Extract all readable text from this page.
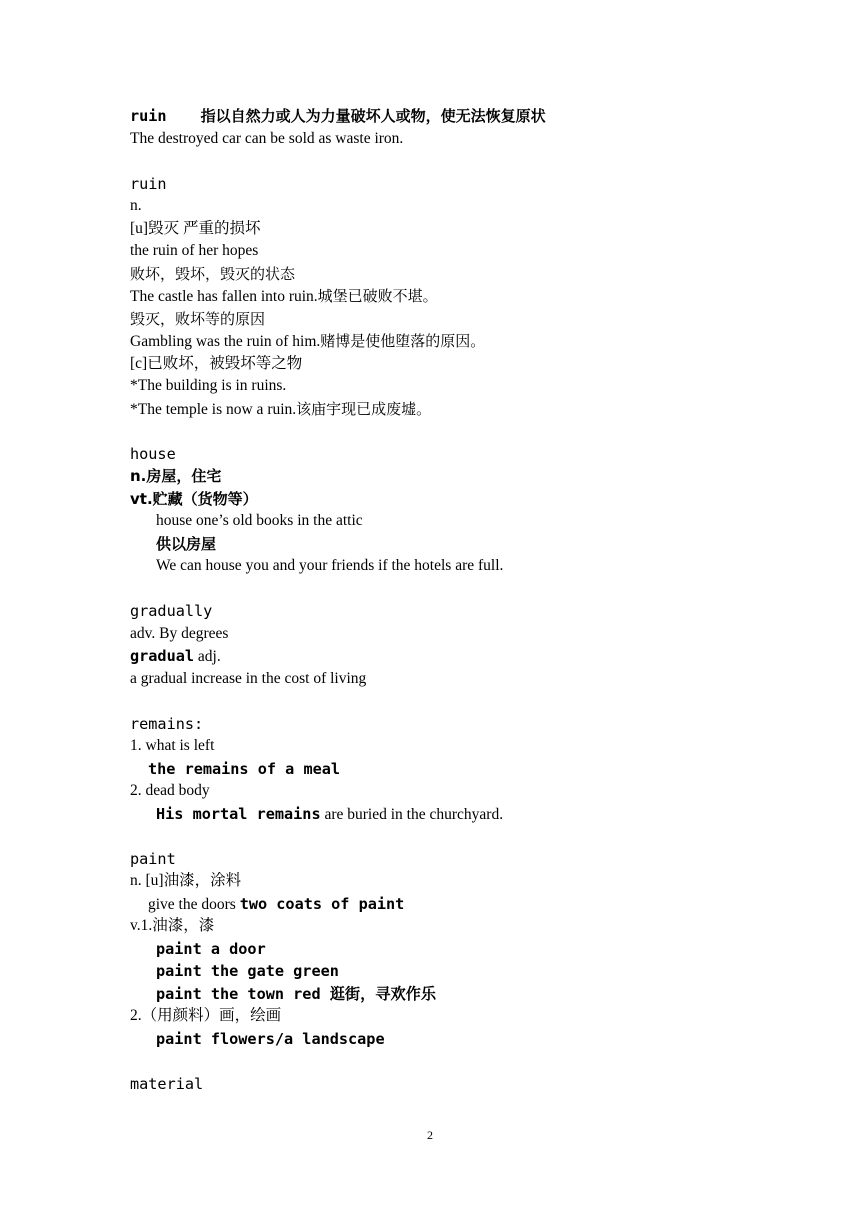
ruin 指以自然力或人为力量破坏人或物，使无法恢复原状
The destroyed car can be sold as waste iron.
ruin
n.
[u]毁灭 严重的损坏
the ruin of her hopes
败坏，毁坏，毁灭的状态
The castle has fallen into ruin.城堡已破败不堪。
毁灭，败坏等的原因
Gambling was the ruin of him.赌博是使他堕落的原因。
[c]已败坏，被毁坏等之物
*The building is in ruins.
*The temple is now a ruin.该庙宇现已成废墟。
house
n.房屋，住宅
vt.贮藏（货物等）
house one’s old books in the attic
供以房屋
We can house you and your friends if the hotels are full.
gradually
adv. By degrees
gradual adj.
a gradual increase in the cost of living
remains:
1. what is left
the remains of a meal
2. dead body
His mortal remains are buried in the churchyard.
paint
n. [u]油漆，涂料
give the doors two coats of paint
v.1.油漆，漆
paint a door
paint the gate green
paint the town red 逛街，寻欢作乐
2.（用颜料）画，绘画
paint flowers/a landscape
material
2
